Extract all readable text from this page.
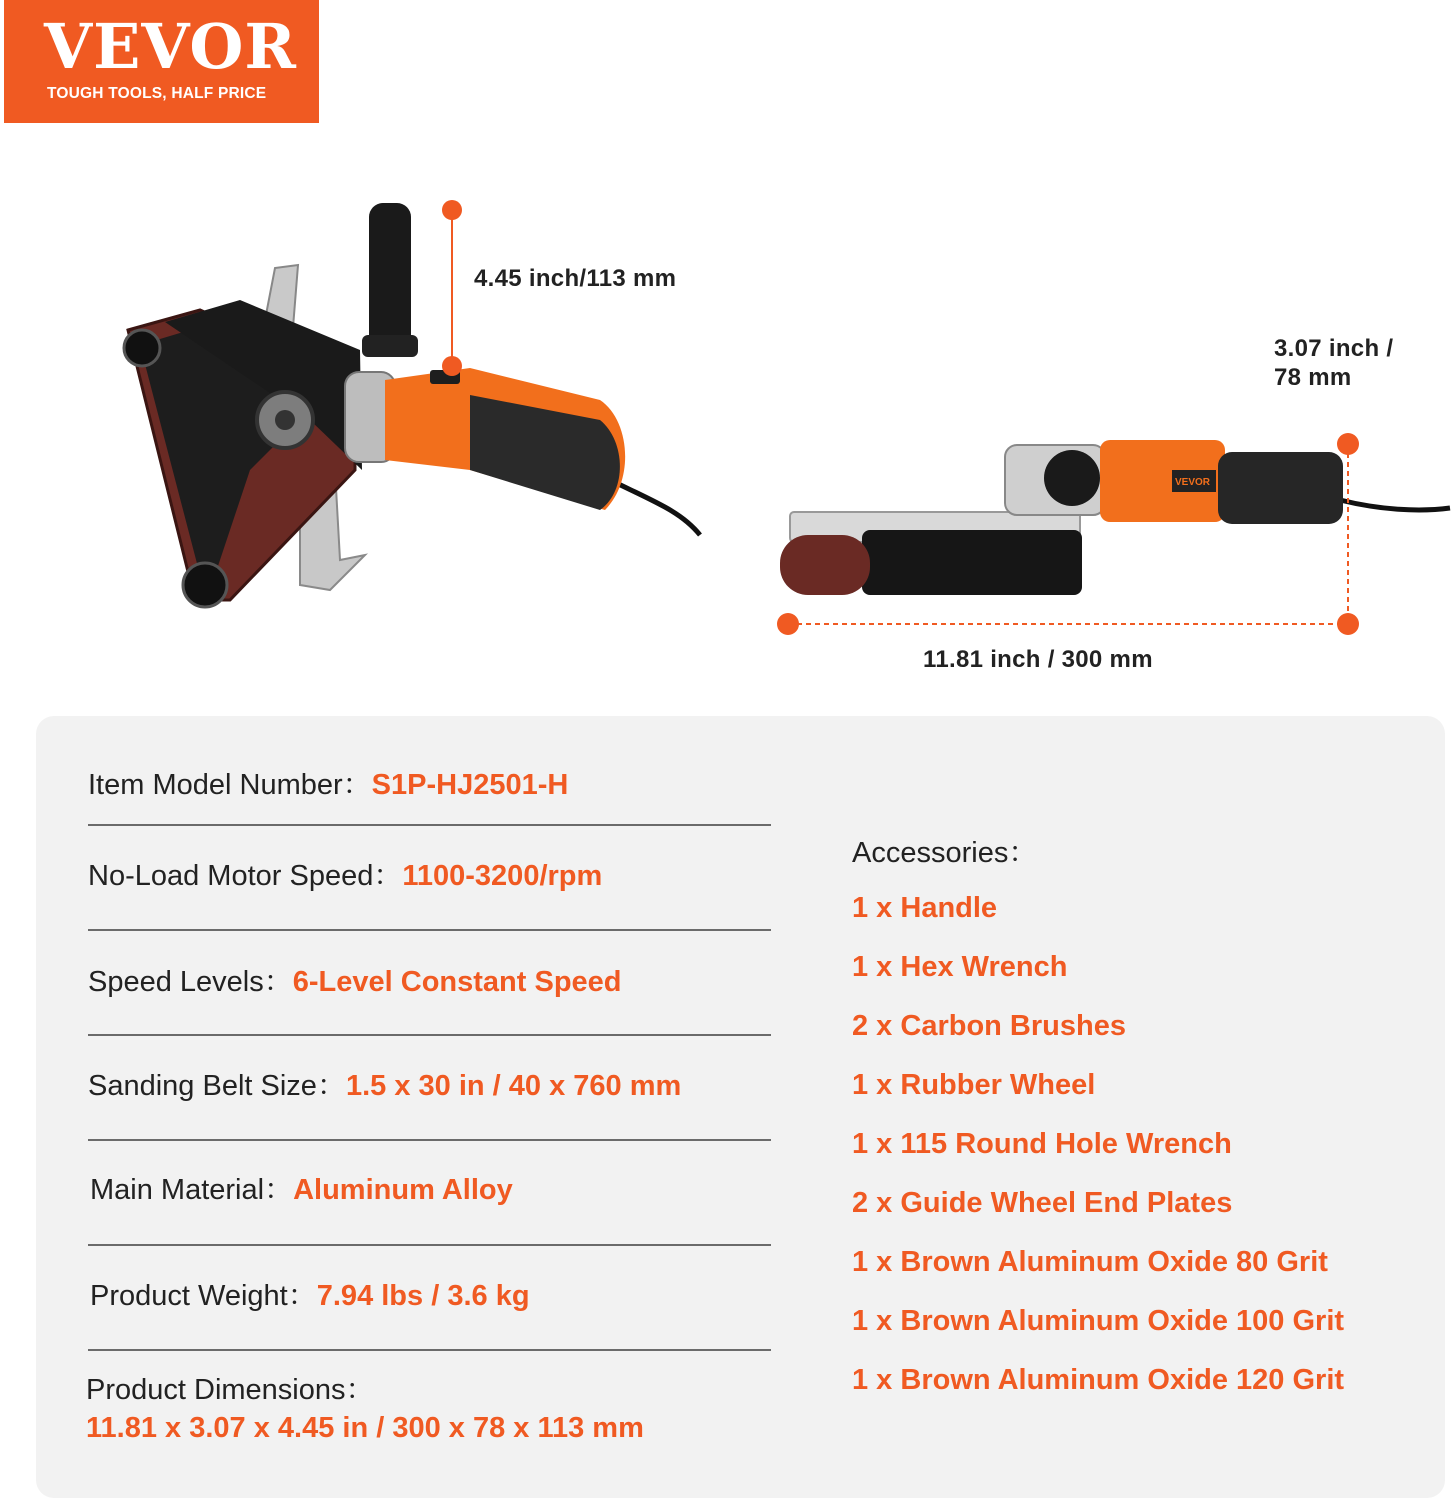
VEVOR
TOUGH TOOLS, HALF PRICE
4.45 inch/113 mm
VEVOR
3.07 inch /
78 mm
11.81 inch / 300 mm
Item Model Number：S1P-HJ2501-H
No-Load Motor Speed：1100-3200/rpm
Speed Levels：6-Level Constant Speed
Sanding Belt Size：1.5 x 30 in / 40 x 760 mm
Main Material：Aluminum Alloy
Product Weight：7.94 lbs / 3.6 kg
Product Dimensions：
11.81 x 3.07 x 4.45 in / 300 x 78 x 113 mm
Accessories：
1 x Handle
1 x Hex Wrench
2 x Carbon Brushes
1 x Rubber Wheel
1 x 115 Round Hole Wrench
2 x Guide Wheel End Plates
1 x Brown Aluminum Oxide 80 Grit
1 x Brown Aluminum Oxide 100 Grit
1 x Brown Aluminum Oxide 120 Grit
